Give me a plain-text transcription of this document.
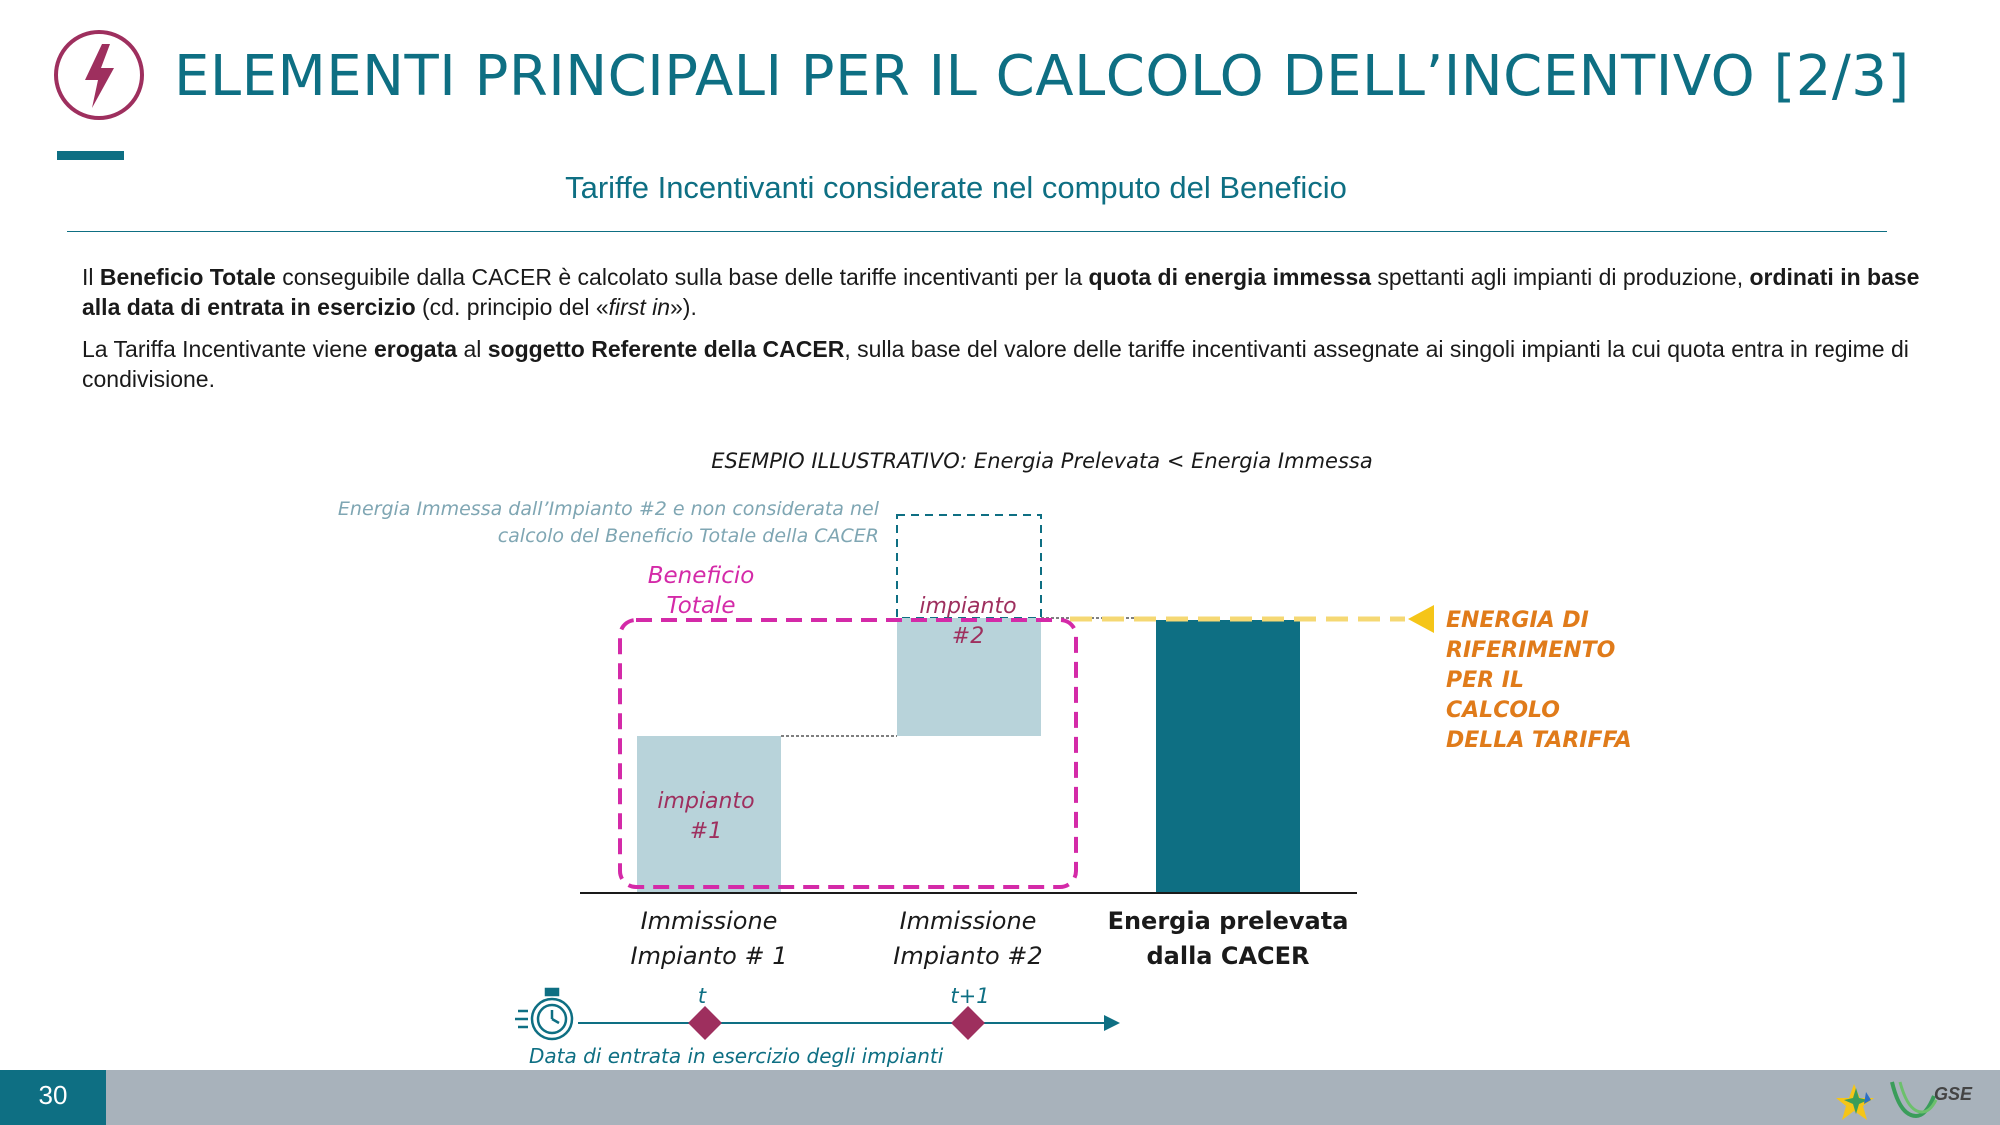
ELEMENTI PRINCIPALI PER IL CALCOLO DELL’INCENTIVO [2/3]
Tariffe Incentivanti considerate nel computo del Beneficio
Il Beneficio Totale conseguibile dalla CACER è calcolato sulla base delle tariffe incentivanti per la quota di energia immessa spettanti agli impianti di produzione, ordinati in base alla data di entrata in esercizio (cd. principio del «first in»).
La Tariffa Incentivante viene erogata al soggetto Referente della CACER, sulla base del valore delle tariffe incentivanti assegnate ai singoli impianti la cui quota entra in regime di condivisione.
ESEMPIO ILLUSTRATIVO: Energia Prelevata < Energia Immessa
Energia Immessa dall’Impianto #2 e non considerata nel
calcolo del Beneficio Totale della CACER
Beneficio
Totale
impianto
#1
impianto
#2
ENERGIA DI
RIFERIMENTO
PER IL
CALCOLO
DELLA TARIFFA
Immissione
Impianto # 1
Immissione
Impianto #2
Energia prelevata
dalla CACER
t	t+1
Data di entrata in esercizio degli impianti
30	GSE
